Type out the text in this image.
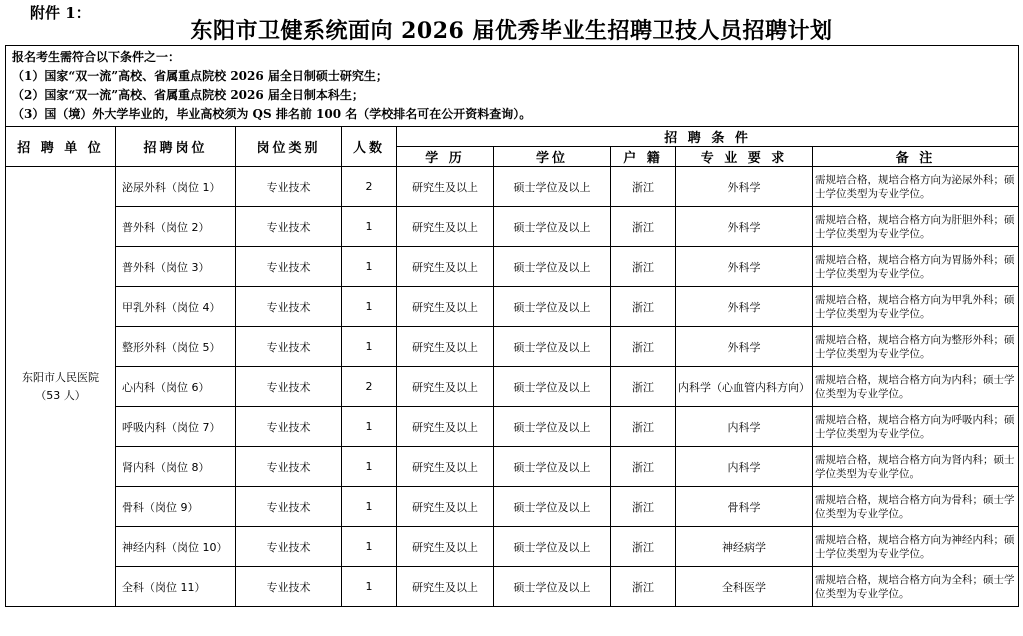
附件 1：
东阳市卫健系统面向 2026 届优秀毕业生招聘卫技人员招聘计划
报名考生需符合以下条件之一：
（1）国家“双一流”高校、省属重点院校 2026 届全日制硕士研究生；
（2）国家“双一流”高校、省属重点院校 2026 届全日制本科生；
（3）国（境）外大学毕业的，毕业高校须为 QS 排名前 100 名（学校排名可在公开资料查询）。								

招 聘 单 位	招聘岗位	岗位类别	人数	招 聘 条 件				
				学 历	学位	户 籍	专 业 要 求	备 注

东阳市人民医院
（53 人）	泌尿外科（岗位 1）	专业技术	2	研究生及以上	硕士学位及以上	浙江	外科学	需规培合格，规培合格方向为泌尿外科；硕士学位类型为专业学位。
	普外科（岗位 2）	专业技术	1	研究生及以上	硕士学位及以上	浙江	外科学	需规培合格，规培合格方向为肝胆外科；硕士学位类型为专业学位。
	普外科（岗位 3）	专业技术	1	研究生及以上	硕士学位及以上	浙江	外科学	需规培合格，规培合格方向为胃肠外科；硕士学位类型为专业学位。
	甲乳外科（岗位 4）	专业技术	1	研究生及以上	硕士学位及以上	浙江	外科学	需规培合格，规培合格方向为甲乳外科；硕士学位类型为专业学位。
	整形外科（岗位 5）	专业技术	1	研究生及以上	硕士学位及以上	浙江	外科学	需规培合格，规培合格方向为整形外科；硕士学位类型为专业学位。
	心内科（岗位 6）	专业技术	2	研究生及以上	硕士学位及以上	浙江	内科学（心血管内科方向）	需规培合格，规培合格方向为内科；硕士学位类型为专业学位。
	呼吸内科（岗位 7）	专业技术	1	研究生及以上	硕士学位及以上	浙江	内科学	需规培合格，规培合格方向为呼吸内科；硕士学位类型为专业学位。
	肾内科（岗位 8）	专业技术	1	研究生及以上	硕士学位及以上	浙江	内科学	需规培合格，规培合格方向为肾内科；硕士学位类型为专业学位。
	骨科（岗位 9）	专业技术	1	研究生及以上	硕士学位及以上	浙江	骨科学	需规培合格，规培合格方向为骨科；硕士学位类型为专业学位。
	神经内科（岗位 10）	专业技术	1	研究生及以上	硕士学位及以上	浙江	神经病学	需规培合格，规培合格方向为神经内科；硕士学位类型为专业学位。
	全科（岗位 11）	专业技术	1	研究生及以上	硕士学位及以上	浙江	全科医学	需规培合格，规培合格方向为全科；硕士学位类型为专业学位。
